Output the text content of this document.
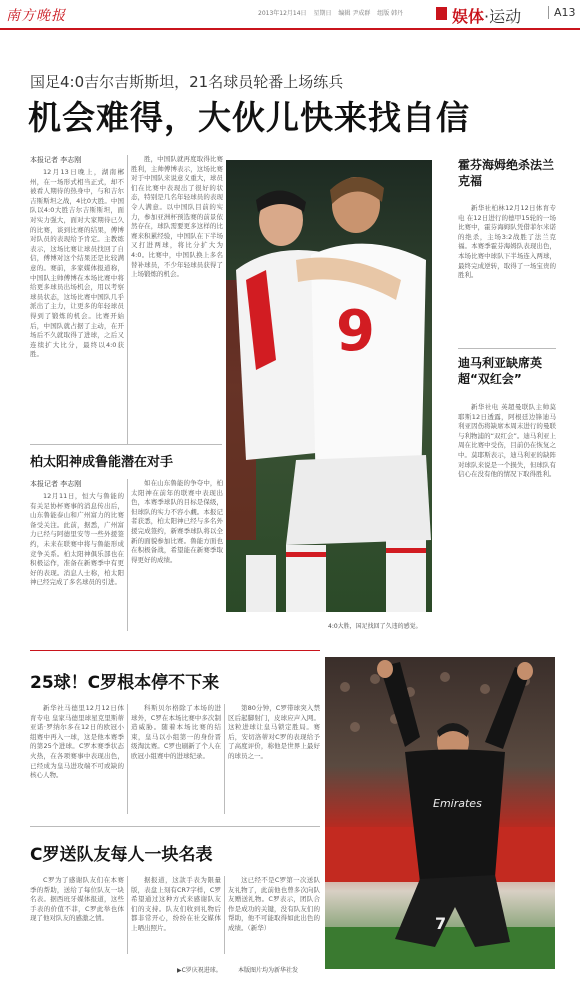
南方晚报	2013年12月14日 星期日 编辑 尹成群 组版 韩丹	娱体·运动	A13
国足4:0吉尔吉斯斯坦，21名球员轮番上场练兵
机会难得，大伙儿快来找自信
本报记者 李志刚
12月13日晚上，湖南郴州，在一场形式相当正式，却不被看人期待的热身中，与和吉尔吉斯斯坦之战，4比0大胜。中国队以4:0大胜吉尔吉斯斯坦，面对实力强大，面对大家期待已久的比赛，谈到比赛的结果，傅博对队员的表现给予肯定。主教练表示，这场比赛让球员找回了自信，傅博对这个结果还是比较满意的。赛前，多家媒体报道称，中国队主帅傅博在本场比赛中将给更多球员出场机会，用以考察球员状态，这场比赛中国队几乎派出了主力，让更多的年轻球员得到了锻炼的机会。比赛开始后，中国队就占据了主动，在开场后不久就取得了进球，之后又连续扩大比分，最终以4:0获胜。
胜，中国队就再度取得比赛胜利，主帅傅博表示，这场比赛对于中国队来说意义重大，球员们在比赛中表现出了很好的状态，特别是几名年轻球员的表现令人满意。以中国队目前的实力，参加亚洲杯预选赛的前景依然存在，球队需要更多这样的比赛来积累经验，中国队在下半场又打进两球，将比分扩大为4:0。比赛中，中国队换上多名替补球员，不少年轻球员获得了上场锻炼的机会。
柏太阳神成鲁能潜在对手
本报记者 李志刚
12月11日，恒大与鲁能的有关足协杯赛事的消息传出后，山东鲁能泰山和广州富力的比赛备受关注。此前，据悉，广州富力已经与阿德里安等一些外援签约，未来在联赛中将与鲁能形成竞争关系。柏太阳神俱乐部也在积极运作，准备在新赛季中有更好的表现。消息人士称，柏太阳神已经完成了多名球员的引进。
如在山东鲁能的争夺中，柏太阳神在前年的联赛中表现出色，本赛季球队的目标是保级，但球队的实力不容小觑。本报记者获悉，柏太阳神已经与多名外援完成签约，新赛季球队将以全新的面貌参加比赛。鲁能方面也在积极备战，希望能在新赛季取得更好的成绩。
9
4:0大胜，国足找回了久违的感觉。
霍芬海姆绝杀法兰克福
新华社柏林12月12日体育专电 在12日进行的德甲15轮的一场比赛中，霍芬海姆队凭借菲尔米诺的绝杀，主场3:2战胜了法兰克福。本赛季霍芬海姆队表现出色，本场比赛中球队下半场连入两球，最终完成逆转，取得了一场宝贵的胜利。
迪马利亚缺席英超“双红会”
新华社电 英超曼联队主帅莫耶斯12日透露，阿根廷边锋迪马利亚因伤将缺席本周末进行的曼联与利物浦的“双红会”。迪马利亚上周在比赛中受伤，目前仍在恢复之中。莫耶斯表示，迪马利亚的缺阵对球队来说是一个损失，但球队有信心在没有他的情况下取得胜利。
25球！C罗根本停不下来
新华社马德里12月12日体育专电 皇家马德里球星克里斯蒂亚诺·罗纳尔多在12日的欧冠小组赛中再入一球，这是他本赛季的第25个进球。C罗本赛季状态火热，在各项赛事中表现出色，已经成为皇马进攻端不可或缺的核心人物。
科斯贝尔格除了本场的进球外，C罗在本场比赛中多次制造威胁。随着本场比赛的结束，皇马以小组第一的身份晋级淘汰赛。C罗也刷新了个人在欧冠小组赛中的进球纪录。
第80分钟，C罗带球突入禁区后起脚射门，皮球应声入网。这粒进球让皇马锁定胜局。赛后，安切洛蒂对C罗的表现给予了高度评价，称他是世界上最好的球员之一。
C罗送队友每人一块名表
C罗为了感谢队友们在本赛季的帮助，送给了每位队友一块名表。据西班牙媒体报道，这些手表的价值不菲，C罗此举也体现了他对队友的感激之情。
据报道，这款手表为限量版，表盘上刻有CR7字样，C罗希望通过这种方式来感谢队友们的支持。队友们收到礼物后都非常开心，纷纷在社交媒体上晒出照片。
这已经不是C罗第一次送队友礼物了，此前他也曾多次向队友赠送礼物。C罗表示，团队合作是成功的关键，没有队友们的帮助，他不可能取得如此出色的成绩。（新华）
Emirates
7
▶C罗庆祝进球。	本版图片均为新华社发
